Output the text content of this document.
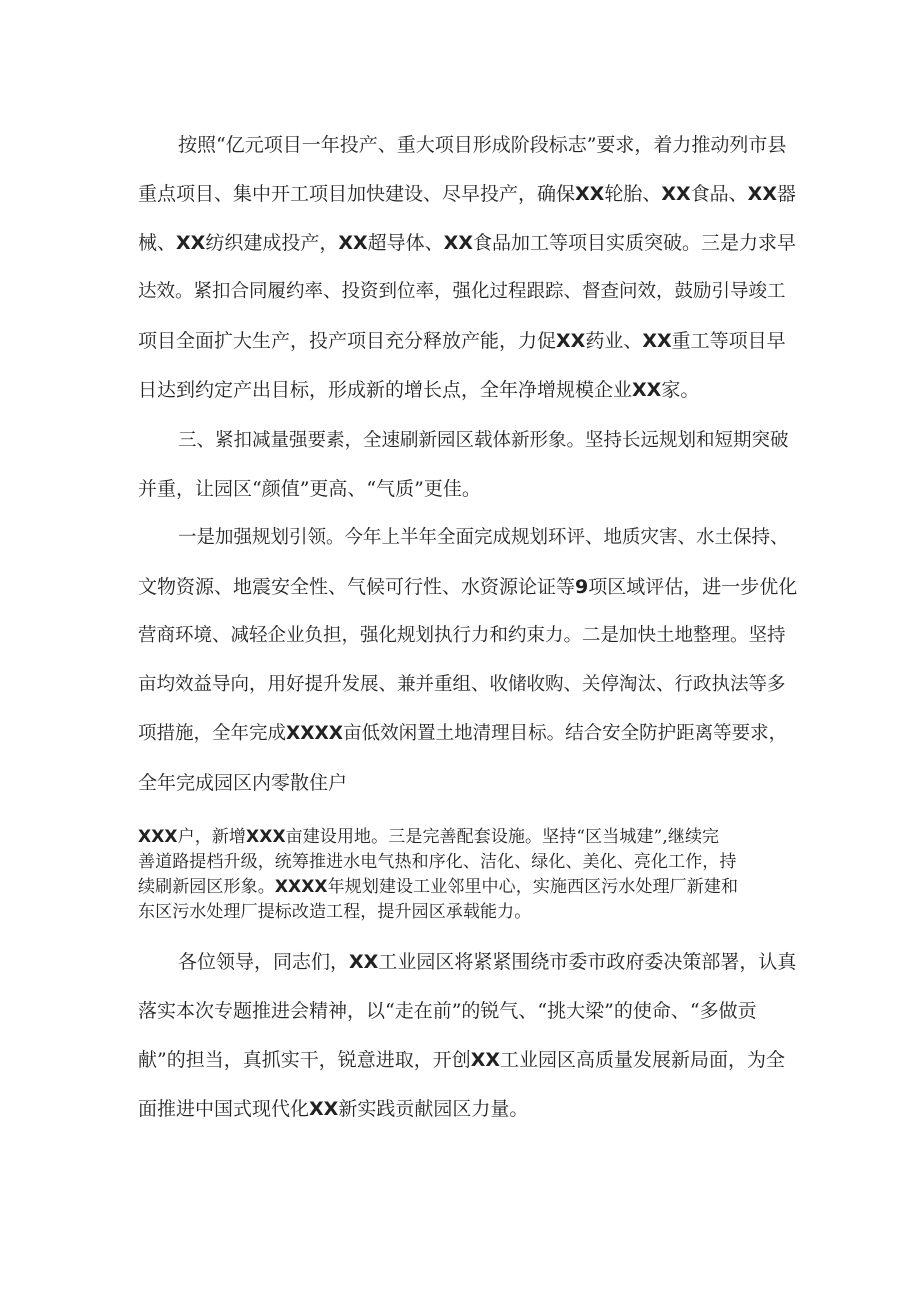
按照“亿元项目一年投产、重大项目形成阶段标志”要求，着力推动列市县
重点项目、集中开工项目加快建设、尽早投产，确保XX轮胎、XX食品、XX器
械、XX纺织建成投产，XX超导体、XX食品加工等项目实质突破。三是力求早
达效。紧扣合同履约率、投资到位率，强化过程跟踪、督查问效，鼓励引导竣工
项目全面扩大生产，投产项目充分释放产能，力促XX药业、XX重工等项目早
日达到约定产出目标，形成新的增长点，全年净增规模企业XX家。
三、紧扣减量强要素，全速刷新园区载体新形象。坚持长远规划和短期突破
并重，让园区“颜值”更高、“气质”更佳。
一是加强规划引领。今年上半年全面完成规划环评、地质灾害、水土保持、
文物资源、地震安全性、气候可行性、水资源论证等9项区域评估，进一步优化
营商环境、减轻企业负担，强化规划执行力和约束力。二是加快土地整理。坚持
亩均效益导向，用好提升发展、兼并重组、收储收购、关停淘汰、行政执法等多
项措施，全年完成XXXX亩低效闲置土地清理目标。结合安全防护距离等要求，
全年完成园区内零散住户
XXX户，新增XXX亩建设用地。三是完善配套设施。坚持“区当城建”,继续完
善道路提档升级，统筹推进水电气热和序化、洁化、绿化、美化、亮化工作，持
续刷新园区形象。XXXX年规划建设工业邻里中心，实施西区污水处理厂新建和
东区污水处理厂提标改造工程，提升园区承载能力。
各位领导，同志们，XX工业园区将紧紧围绕市委市政府委决策部署，认真
落实本次专题推进会精神，以“走在前”的锐气、“挑大梁”的使命、“多做贡
献”的担当，真抓实干，锐意进取，开创XX工业园区高质量发展新局面，为全
面推进中国式现代化XX新实践贡献园区力量。
